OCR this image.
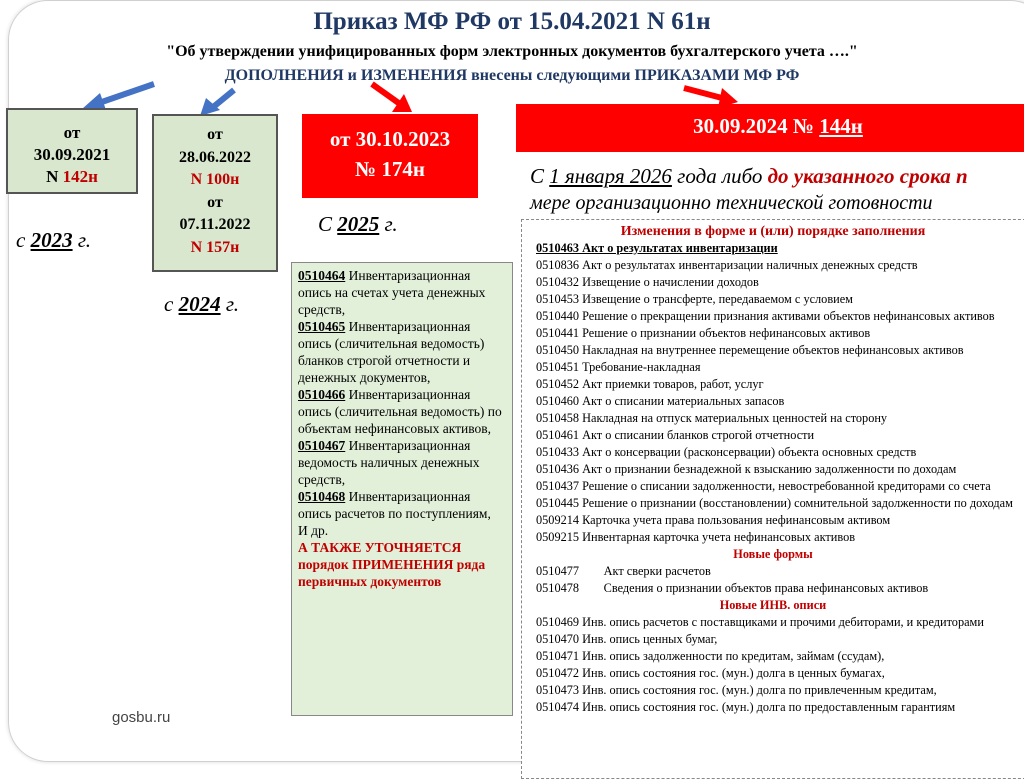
Приказ МФ РФ от 15.04.2021 N 61н
"Об утверждении унифицированных форм электронных документов бухгалтерского учета …."
ДОПОЛНЕНИЯ и ИЗМЕНЕНИЯ внесены следующими ПРИКАЗАМИ МФ РФ
от
30.09.2021
N 142н
от
28.06.2022
N 100н
от
07.11.2022
N 157н
от 30.10.2023
№ 174н
30.09.2024 № 144н
с 2023 г.
с 2024 г.
С 2025 г.
С 1 января 2026 года либо до указанного срока п
мере организационно технической готовности
0510464 Инвентаризационная опись на счетах учета денежных средств,
0510465 Инвентаризационная опись (сличительная ведомость) бланков строгой отчетности и денежных документов,
0510466 Инвентаризационная опись (сличительная ведомость) по объектам нефинансовых активов,
0510467 Инвентаризационная ведомость наличных денежных средств,
0510468 Инвентаризационная опись расчетов по поступлениям,
И др.
А ТАКЖЕ УТОЧНЯЕТСЯ порядок ПРИМЕНЕНИЯ ряда первичных документов
Изменения в форме и (или) порядке заполнения
0510463 Акт о результатах инвентаризации
0510836 Акт о результатах инвентаризации наличных денежных средств
0510432 Извещение о начислении доходов
0510453 Извещение о трансферте, передаваемом с условием
0510440 Решение о прекращении признания активами объектов нефинансовых активов
0510441 Решение о признании объектов нефинансовых активов
0510450 Накладная на внутреннее перемещение объектов нефинансовых активов
0510451 Требование-накладная
0510452 Акт приемки товаров, работ, услуг
0510460 Акт о списании материальных запасов
0510458 Накладная на отпуск материальных ценностей на сторону
0510461 Акт о списании бланков строгой отчетности
0510433 Акт о консервации (расконсервации) объекта основных средств
0510436 Акт о признании безнадежной к взысканию задолженности по доходам
0510437 Решение о списании задолженности, невостребованной кредиторами со счета
0510445 Решение о признании (восстановлении) сомнительной задолженности по доходам
0509214 Карточка учета права пользования нефинансовым активом
0509215 Инвентарная карточка учета нефинансовых активов
Новые формы
0510477        Акт сверки расчетов
0510478        Сведения о признании объектов права нефинансовых активов
Новые ИНВ. описи
0510469 Инв. опись расчетов с поставщиками и прочими дебиторами, и кредиторами
0510470 Инв. опись ценных бумаг,
0510471 Инв. опись задолженности по кредитам, займам (ссудам),
0510472 Инв. опись состояния гос. (мун.) долга в ценных бумагах,
0510473 Инв. опись состояния гос. (мун.) долга по привлеченным кредитам,
0510474 Инв. опись состояния гос. (мун.) долга по предоставленным гарантиям
gosbu.ru
